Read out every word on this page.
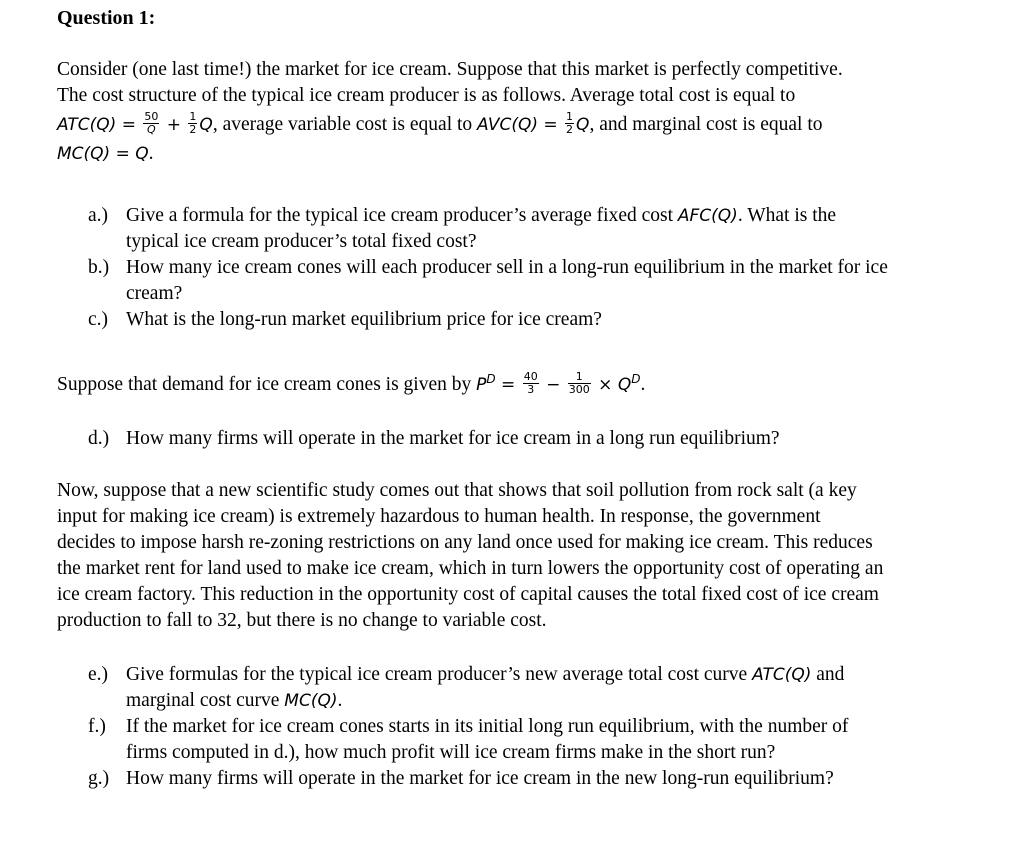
Question 1:
Consider (one last time!) the market for ice cream. Suppose that this market is perfectly competitive.
The cost structure of the typical ice cream producer is as follows. Average total cost is equal to
$ATC(Q) = \frac{50}{Q} + \frac{1}{2} Q$, average variable cost is equal to $AVC(Q) = \frac{1}{2} Q$, and marginal cost is equal to
MC(Q) = Q.
a.) Give a formula for the typical ice cream producer’s average fixed cost AFC(Q). What is the
typical ice cream producer’s total fixed cost?
b.) How many ice cream cones will each producer sell in a long-run equilibrium in the market for ice
cream?
c.) What is the long-run market equilibrium price for ice cream?
Suppose that demand for ice cream cones is given by $P^D = \frac{40}{3} - \frac{1}{300} \times Q^D$.
d.) How many firms will operate in the market for ice cream in a long run equilibrium?
Now, suppose that a new scientific study comes out that shows that soil pollution from rock salt (a key
input for making ice cream) is extremely hazardous to human health. In response, the government
decides to impose harsh re-zoning restrictions on any land once used for making ice cream. This reduces
the market rent for land used to make ice cream, which in turn lowers the opportunity cost of operating an
ice cream factory. This reduction in the opportunity cost of capital causes the total fixed cost of ice cream
production to fall to 32, but there is no change to variable cost.
e.) Give formulas for the typical ice cream producer’s new average total cost curve ATC(Q) and
marginal cost curve MC(Q).
f.) If the market for ice cream cones starts in its initial long run equilibrium, with the number of
firms computed in d.), how much profit will ice cream firms make in the short run?
g.) How many firms will operate in the market for ice cream in the new long-run equilibrium?
